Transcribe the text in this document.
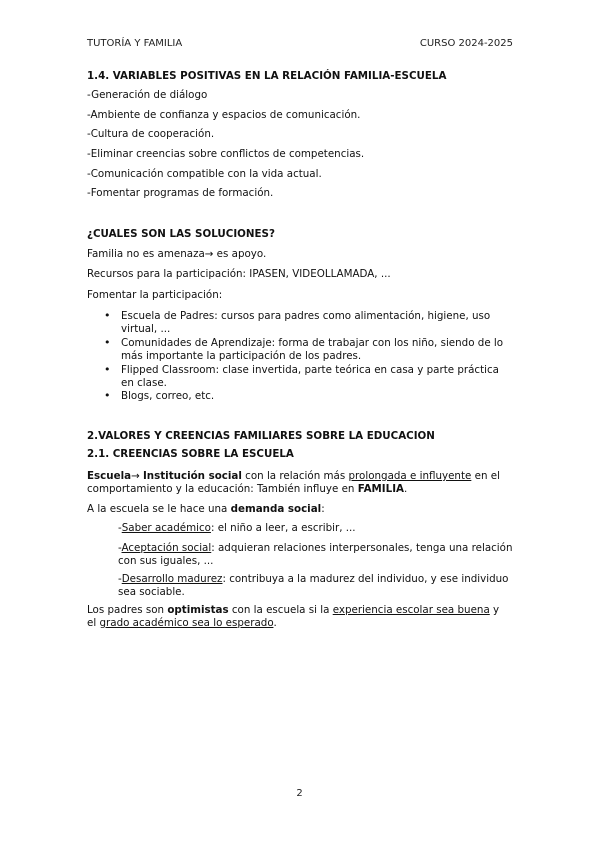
TUTORÍA Y FAMILIA	CURSO 2024-2025
1.4. VARIABLES POSITIVAS EN LA RELACIÓN FAMILIA-ESCUELA
-Generación de diálogo
-Ambiente de confianza y espacios de comunicación.
-Cultura de cooperación.
-Eliminar creencias sobre conflictos de competencias.
-Comunicación compatible con la vida actual.
-Fomentar programas de formación.
¿CUALES SON LAS SOLUCIONES?
Familia no es amenaza→ es apoyo.
Recursos para la participación: IPASEN, VIDEOLLAMADA, ...
Fomentar la participación:
• Escuela de Padres: cursos para padres como alimentación, higiene, uso virtual, ...
• Comunidades de Aprendizaje: forma de trabajar con los niño, siendo de lo más importante la participación de los padres.
• Flipped Classroom: clase invertida, parte teórica en casa y parte práctica en clase.
• Blogs, correo, etc.
2.VALORES Y CREENCIAS FAMILIARES SOBRE LA EDUCACION
2.1. CREENCIAS SOBRE LA ESCUELA
Escuela→ Institución social con la relación más prolongada e influyente en el comportamiento y la educación: También influye en FAMILIA.
A la escuela se le hace una demanda social:
-Saber académico: el niño a leer, a escribir, ...
-Aceptación social: adquieran relaciones interpersonales, tenga una relación con sus iguales, ...
-Desarrollo madurez: contribuya a la madurez del individuo, y ese individuo sea sociable.
Los padres son optimistas con la escuela si la experiencia escolar sea buena y el grado académico sea lo esperado.
2
